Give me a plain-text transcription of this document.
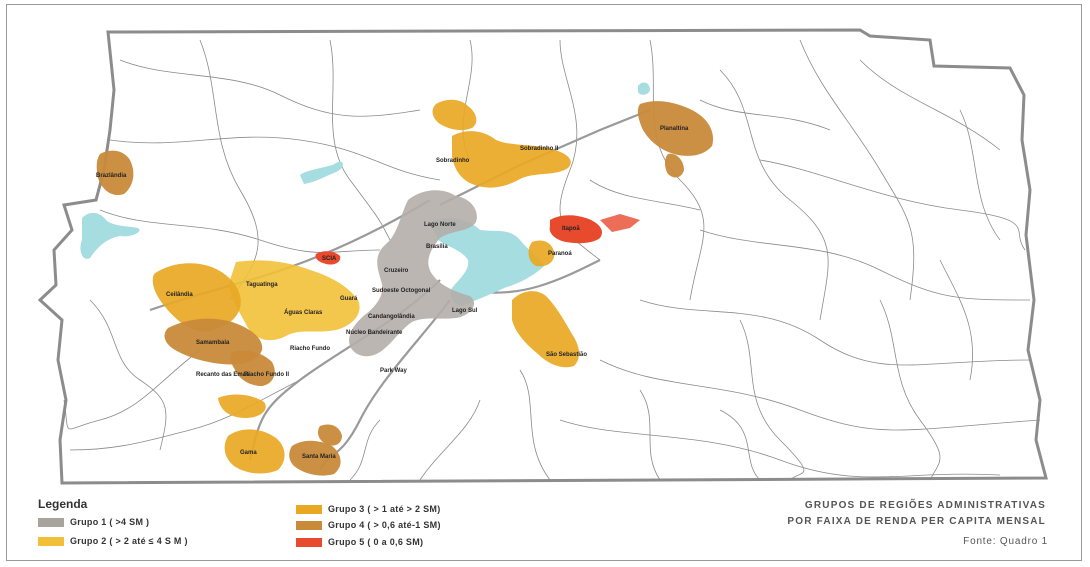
Brazlândia
Sobradinho
Sobradinho II
Planaltina
Lago Norte
Brasília
Itapoã
Paranoá
SCIA
Cruzeiro
Ceilândia
Taguatinga
Águas Claras
Guará
Sudoeste Octogonal
Lago Sul
Candangolândia
Núcleo Bandeirante
Riacho Fundo
Riacho Fundo II
Samambaia
Recanto das Emas
Park Way
São Sebastião
Gama
Santa Maria
Legenda
Grupo 1 ( >4 SM )
Grupo 2 ( > 2 até ≤ 4 S M )
Grupo 3 ( > 1 até > 2 SM)
Grupo 4 ( > 0,6 até-1 SM)
Grupo 5 ( 0 a 0,6 SM)
GRUPOS DE REGIÕES ADMINISTRATIVAS
POR FAIXA DE RENDA PER CAPITA MENSAL
Fonte: Quadro 1
